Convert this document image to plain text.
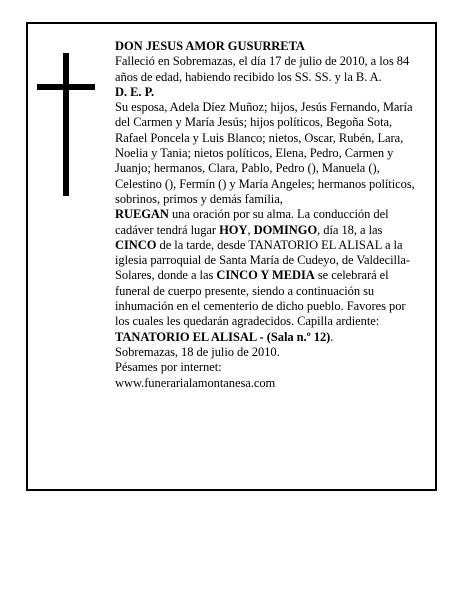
DON JESUS AMOR GUSURRETA

Falleció en Sobremazas, el día 17 de julio de 2010, a los 84 años de edad, habiendo recibido los SS. SS. y la B. A.

D. E. P.

Su esposa, Adela Díez Muñoz; hijos, Jesús Fernando, María del Carmen y María Jesús; hijos políticos, Begoña Sota, Rafael Poncela y Luis Blanco; nietos, Oscar, Rubén, Lara, Noelia y Tania; nietos políticos, Elena, Pedro, Carmen y Juanjo; hermanos, Clara, Pablo, Pedro (), Manuela (), Celestino (), Fermín () y María Angeles; hermanos políticos, sobrinos, primos y demás familia,

RUEGAN una oración por su alma. La conducción del cadáver tendrá lugar HOY, DOMINGO, día 18, a las CINCO de la tarde, desde TANATORIO EL ALISAL a la iglesia parroquial de Santa María de Cudeyo, de Valdecilla-Solares, donde a las CINCO Y MEDIA se celebrará el funeral de cuerpo presente, siendo a continuación su inhumación en el cementerio de dicho pueblo. Favores por los cuales les quedarán agradecidos. Capilla ardiente: TANATORIO EL ALISAL - (Sala n.º 12).

Sobremazas, 18 de julio de 2010.

Pésames por internet:

www.funerarialamontanesa.com
